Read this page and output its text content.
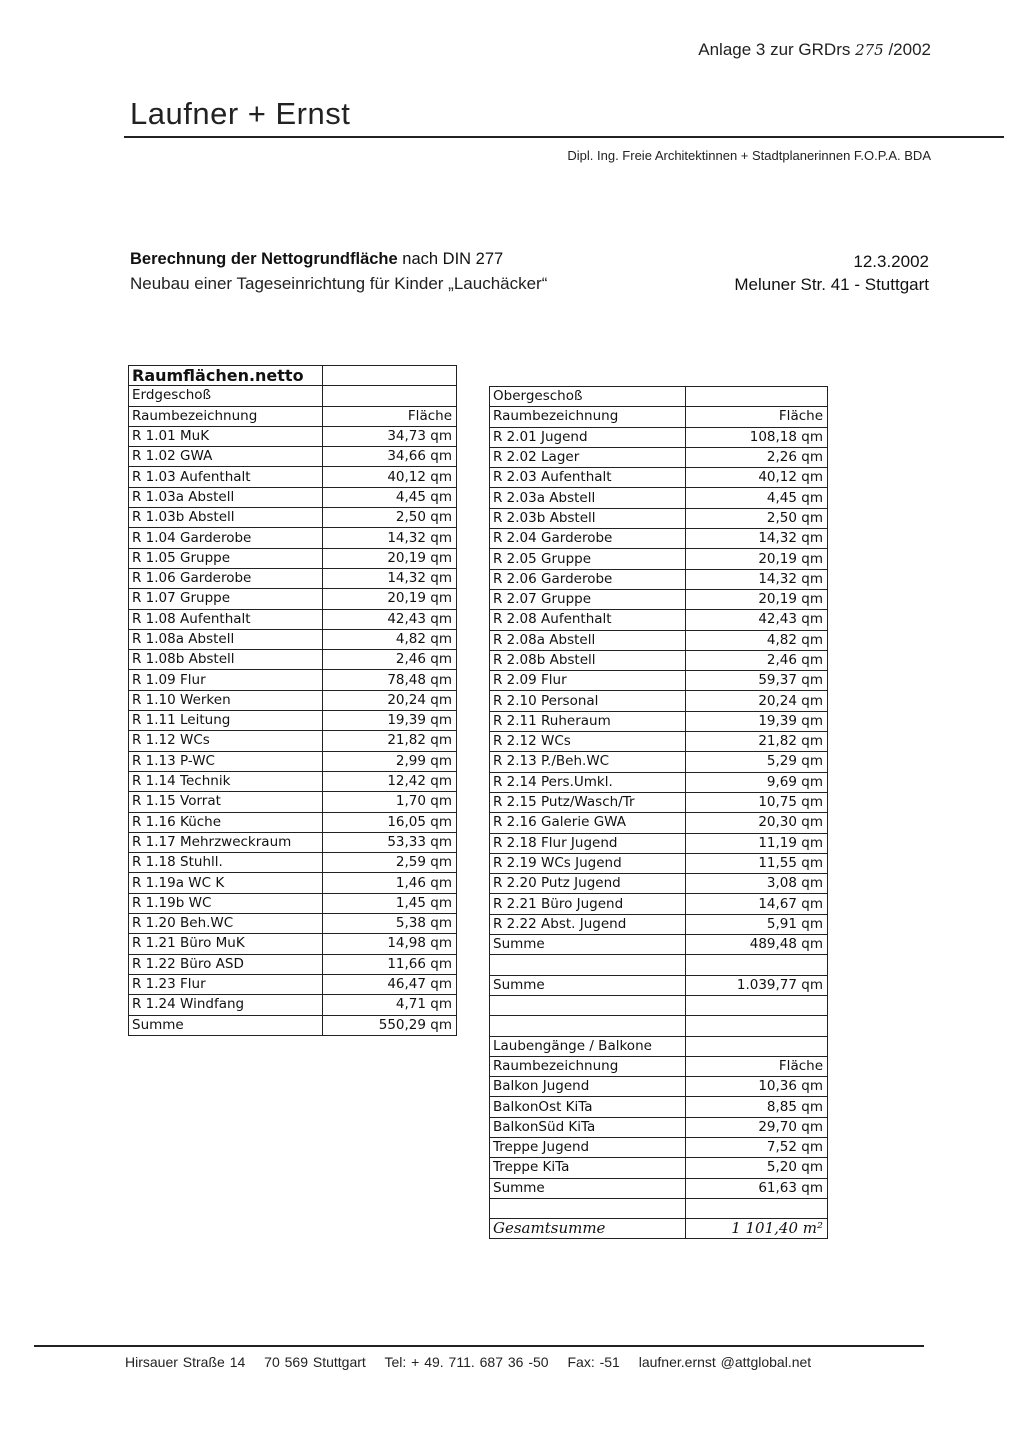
Anlage 3 zur GRDrs 275 /2002
Laufner + Ernst
Dipl. Ing. Freie Architektinnen + Stadtplanerinnen F.O.P.A. BDA
Berechnung der Nettogrundfläche nach DIN 277
Neubau einer Tageseinrichtung für Kinder „Lauchäcker“
12.3.2002
Meluner Str. 41 - Stuttgart
Raumflächen.netto	
Erdgeschoß	
Raumbezeichnung	Fläche
R 1.01 MuK	34,73 qm
R 1.02 GWA	34,66 qm
R 1.03 Aufenthalt	40,12 qm
R 1.03a Abstell	4,45 qm
R 1.03b Abstell	2,50 qm
R 1.04 Garderobe	14,32 qm
R 1.05 Gruppe	20,19 qm
R 1.06 Garderobe	14,32 qm
R 1.07 Gruppe	20,19 qm
R 1.08 Aufenthalt	42,43 qm
R 1.08a Abstell	4,82 qm
R 1.08b Abstell	2,46 qm
R 1.09 Flur	78,48 qm
R 1.10 Werken	20,24 qm
R 1.11 Leitung	19,39 qm
R 1.12 WCs	21,82 qm
R 1.13 P-WC	2,99 qm
R 1.14 Technik	12,42 qm
R 1.15 Vorrat	1,70 qm
R 1.16 Küche	16,05 qm
R 1.17 Mehrzweckraum	53,33 qm
R 1.18 Stuhll.	2,59 qm
R 1.19a WC K	1,46 qm
R 1.19b WC	1,45 qm
R 1.20 Beh.WC	5,38 qm
R 1.21 Büro MuK	14,98 qm
R 1.22 Büro ASD	11,66 qm
R 1.23 Flur	46,47 qm
R 1.24 Windfang	4,71 qm
Summe	550,29 qm
Obergeschoß	
Raumbezeichnung	Fläche
R 2.01 Jugend	108,18 qm
R 2.02 Lager	2,26 qm
R 2.03 Aufenthalt	40,12 qm
R 2.03a Abstell	4,45 qm
R 2.03b Abstell	2,50 qm
R 2.04 Garderobe	14,32 qm
R 2.05 Gruppe	20,19 qm
R 2.06 Garderobe	14,32 qm
R 2.07 Gruppe	20,19 qm
R 2.08 Aufenthalt	42,43 qm
R 2.08a Abstell	4,82 qm
R 2.08b Abstell	2,46 qm
R 2.09 Flur	59,37 qm
R 2.10 Personal	20,24 qm
R 2.11 Ruheraum	19,39 qm
R 2.12 WCs	21,82 qm
R 2.13 P./Beh.WC	5,29 qm
R 2.14 Pers.Umkl.	9,69 qm
R 2.15 Putz/Wasch/Tr	10,75 qm
R 2.16 Galerie GWA	20,30 qm
R 2.18 Flur Jugend	11,19 qm
R 2.19 WCs Jugend	11,55 qm
R 2.20 Putz Jugend	3,08 qm
R 2.21 Büro Jugend	14,67 qm
R 2.22 Abst. Jugend	5,91 qm
Summe	489,48 qm

Summe	1.039,77 qm

Laubengänge / Balkone	
Raumbezeichnung	Fläche
Balkon Jugend	10,36 qm
BalkonOst KiTa	8,85 qm
BalkonSüd KiTa	29,70 qm
Treppe Jugend	7,52 qm
Treppe KiTa	5,20 qm
Summe	61,63 qm

Gesamtsumme	1 101,40 m²
Hirsauer Straße 14 70 569 Stuttgart Tel: + 49. 711. 687 36 -50 Fax: -51 laufner.ernst @attglobal.net
